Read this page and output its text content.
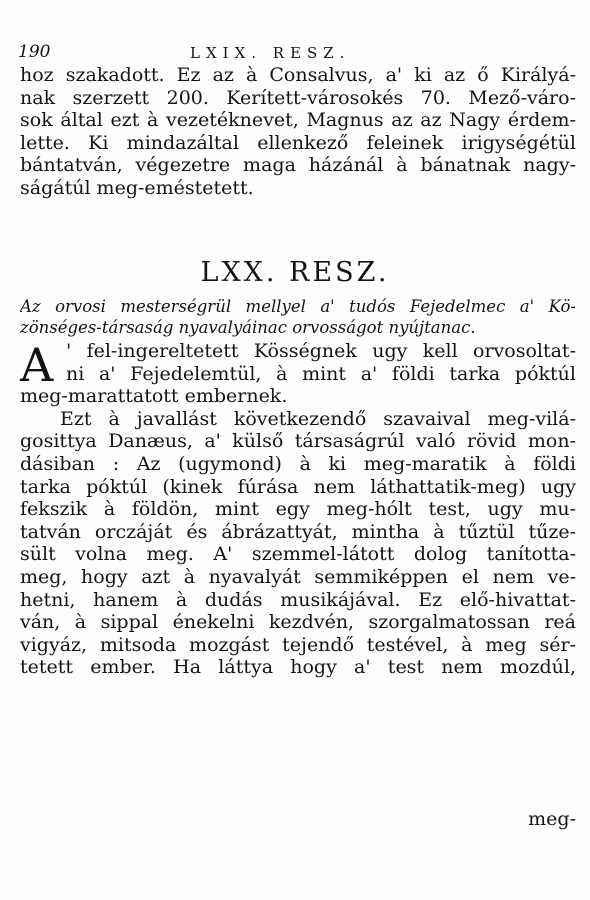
190	LXIX. RESZ.
hoz szakadott. Ez az à Consalvus, a' ki az ő Királyá-
nak szerzett 200. Kerített-városokés 70. Mező-váro-
sok által ezt à vezetéknevet, Magnus az az Nagy érdem-
lette. Ki mindazáltal ellenkező feleinek irigységétül
bántatván, végezetre maga házánál à bánatnak nagy-
ságátúl meg-eméstetett.
LXX. RESZ.
Az orvosi mesterségrül mellyel a' tudós Fejedelmec a' Kö-
zönséges-társaság nyavalyáinac orvosságot nyújtanac.
A ' fel-ingereltetett Kösségnek ugy kell orvosoltat-
ni a' Fejedelemtül, à mint a' földi tarka póktúl
meg-marattatott embernek.
Ezt à javallást következendő szavaival meg-vilá-
gosittya Danæus, a' külső társaságrúl való rövid mon-
dásiban : Az (ugymond) à ki meg-maratik à földi
tarka póktúl (kinek fúrása nem láthattatik-meg) ugy
fekszik à földön, mint egy meg-hólt test, ugy mu-
tatván orczáját és ábrázattyát, mintha à tűztül tűze-
sült volna meg. A' szemmel-látott dolog tanította-
meg, hogy azt à nyavalyát semmiképpen el nem ve-
hetni, hanem à dudás musikájával. Ez elő-hivattat-
ván, à sippal énekelni kezdvén, szorgalmatossan reá
vigyáz, mitsoda mozgást tejendő testével, à meg sér-
tetett ember. Ha láttya hogy a' test nem mozdúl,
meg-
